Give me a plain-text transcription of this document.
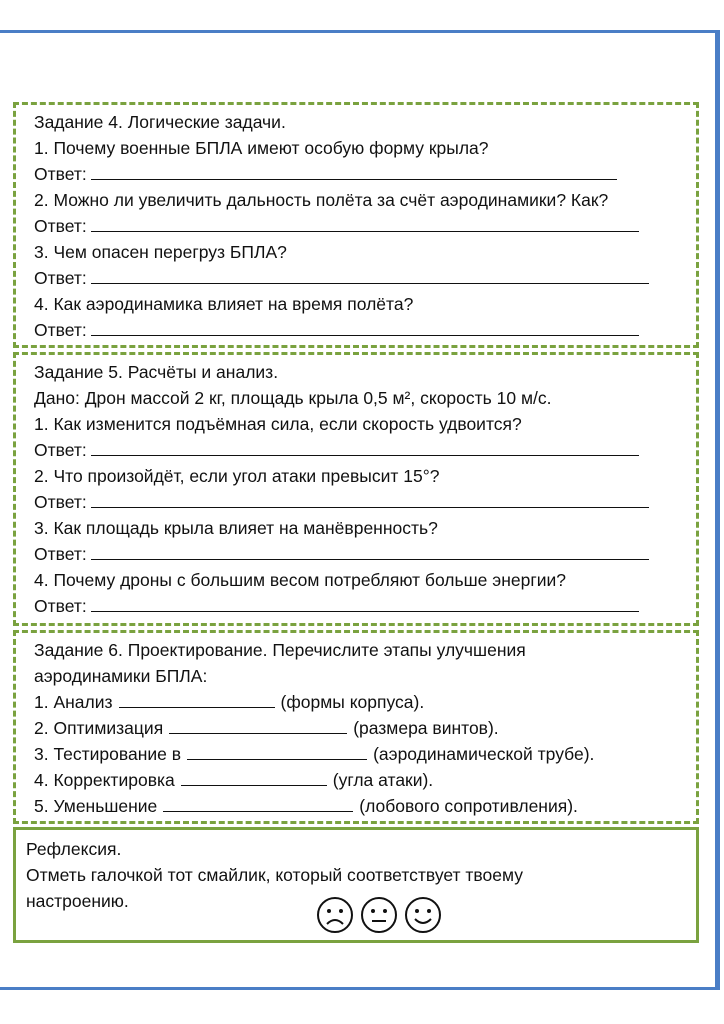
Задание 4. Логические задачи.
1. Почему военные БПЛА имеют особую форму крыла?
Ответ:
2. Можно ли увеличить дальность полёта за счёт аэродинамики? Как?
Ответ:
3. Чем опасен перегруз БПЛА?
Ответ:
4. Как аэродинамика влияет на время полёта?
Ответ:
Задание 5. Расчёты и анализ.
Дано: Дрон массой 2 кг, площадь крыла 0,5 м², скорость 10 м/с.
1. Как изменится подъёмная сила, если скорость удвоится?
Ответ:
2. Что произойдёт, если угол атаки превысит 15°?
Ответ:
3. Как площадь крыла влияет на манёвренность?
Ответ:
4. Почему дроны с большим весом потребляют больше энергии?
Ответ:
Задание 6. Проектирование. Перечислите этапы улучшения
аэродинамики БПЛА:
1. Анализ	(формы корпуса).
2. Оптимизация	(размера винтов).
3. Тестирование в	(аэродинамической трубе).
4. Корректировка	(угла атаки).
5. Уменьшение	(лобового сопротивления).
Рефлексия.
Отметь галочкой тот смайлик, который соответствует твоему
настроению.
